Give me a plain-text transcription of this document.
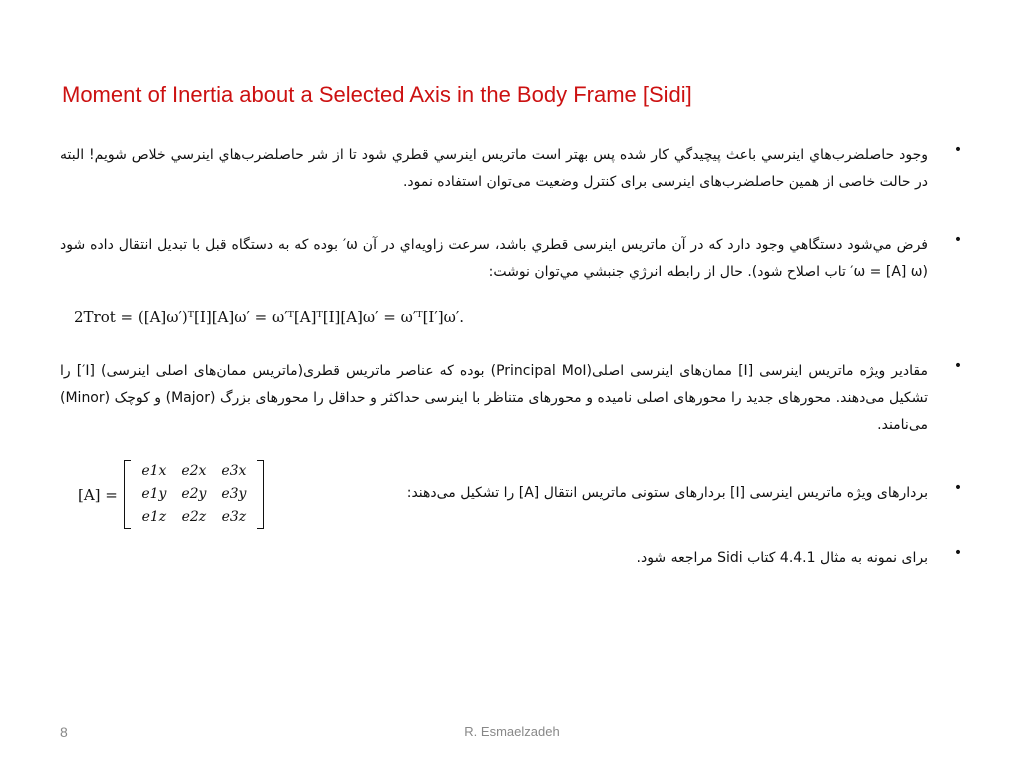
Moment of Inertia about a Selected Axis in the Body Frame [Sidi]
•
وجود حاصلضرب‌هاي اينرسي باعث پيچيدگي كار شده پس بهتر است ماتريس اينرسي قطري شود تا از شر حاصلضرب‌هاي اينرسي خلاص شويم! البته در حالت خاصی از همين حاصلضرب‌های اينرسی برای كنترل وضعيت می‌توان استفاده نمود.
•
فرض مي‌شود دستگاهي وجود دارد كه در آن ماتريس اينرسی قطري باشد، سرعت زاويه‌اي در آن ω′ بوده كه به دستگاه قبل با تبديل انتقال داده شود (ω = [A] ω′ تاب اصلاح شود). حال از رابطه انرژي جنبشي مي‌توان نوشت:
2Trot = ([A]ω′)ᵀ[I][A]ω′ = ω′ᵀ[A]ᵀ[I][A]ω′ = ω′ᵀ[I′]ω′.
•
مقادير ويژه ماتريس اينرسی [I] ممان‌های اينرسی اصلی(Principal MoI) بوده كه عناصر ماتريس قطری(ماتريس ممان‌های اصلی اينرسی) [I′] را تشكيل می‌دهند. محورهای جديد را محورهای اصلی ناميده و محورهای متناظر با اينرسی حداكثر و حداقل را محورهای بزرگ (Major) و كوچک (Minor) می‌نامند.
[A] =
e1x	e2x	e3x
e1y	e2y	e3y
e1z	e2z	e3z
•
بردارهای ويژه ماتريس اينرسی [I] بردارهای ستونی ماتريس انتقال [A] را تشكيل می‌دهند:
•
برای نمونه به مثال 4.4.1 كتاب Sidi مراجعه شود.
8	R. Esmaelzadeh
